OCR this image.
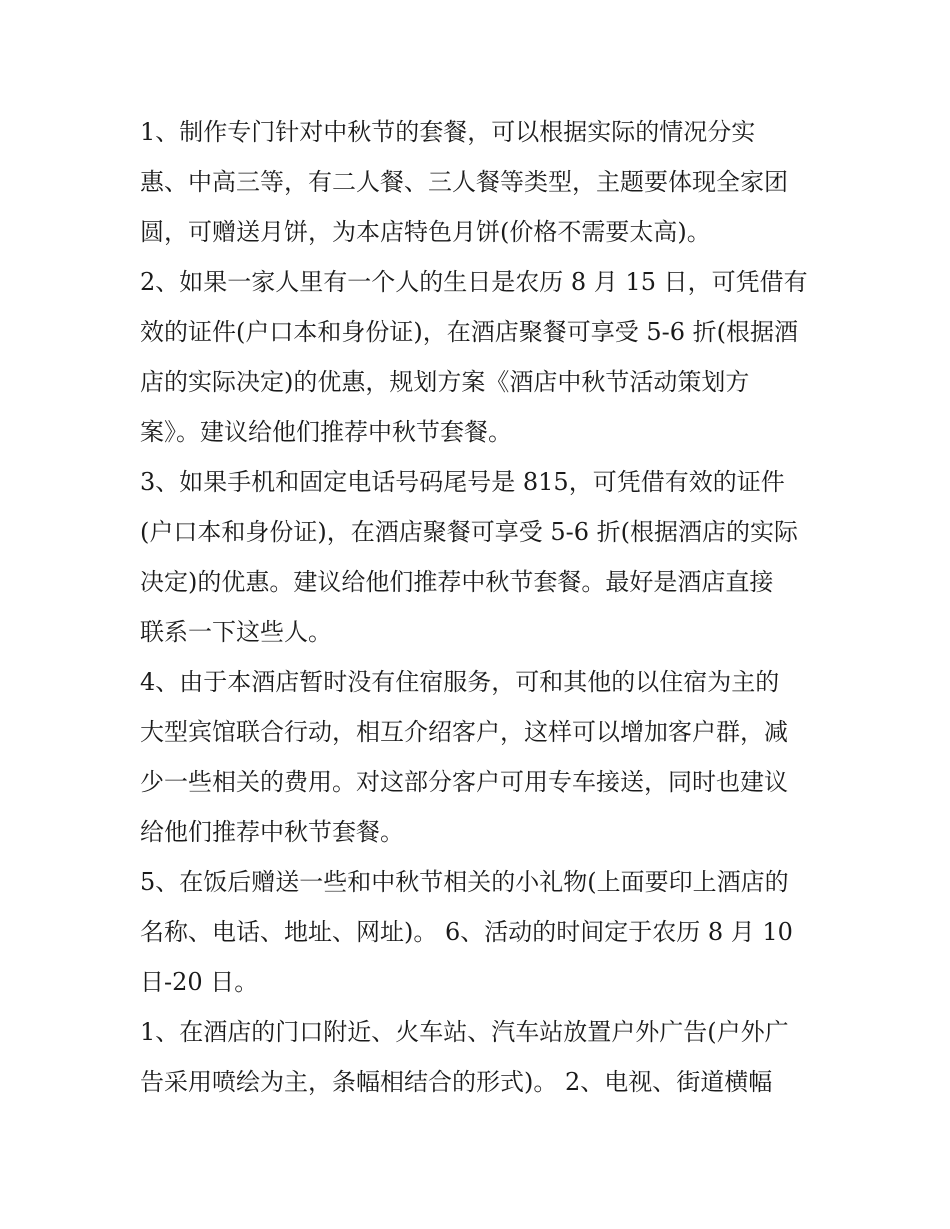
1、制作专门针对中秋节的套餐，可以根据实际的情况分实
惠、中高三等，有二人餐、三人餐等类型，主题要体现全家团
圆，可赠送月饼，为本店特色月饼(价格不需要太高)。
2、如果一家人里有一个人的生日是农历 8 月 15 日，可凭借有
效的证件(户口本和身份证)，在酒店聚餐可享受 5-6 折(根据酒
店的实际决定)的优惠，规划方案《酒店中秋节活动策划方
案》。建议给他们推荐中秋节套餐。
3、如果手机和固定电话号码尾号是 815，可凭借有效的证件
(户口本和身份证)，在酒店聚餐可享受 5-6 折(根据酒店的实际
决定)的优惠。建议给他们推荐中秋节套餐。最好是酒店直接
联系一下这些人。
4、由于本酒店暂时没有住宿服务，可和其他的以住宿为主的
大型宾馆联合行动，相互介绍客户，这样可以增加客户群，减
少一些相关的费用。对这部分客户可用专车接送，同时也建议
给他们推荐中秋节套餐。
5、在饭后赠送一些和中秋节相关的小礼物(上面要印上酒店的
名称、电话、地址、网址)。 6、活动的时间定于农历 8 月 10
日-20 日。
1、在酒店的门口附近、火车站、汽车站放置户外广告(户外广
告采用喷绘为主，条幅相结合的形式)。 2、电视、街道横幅
